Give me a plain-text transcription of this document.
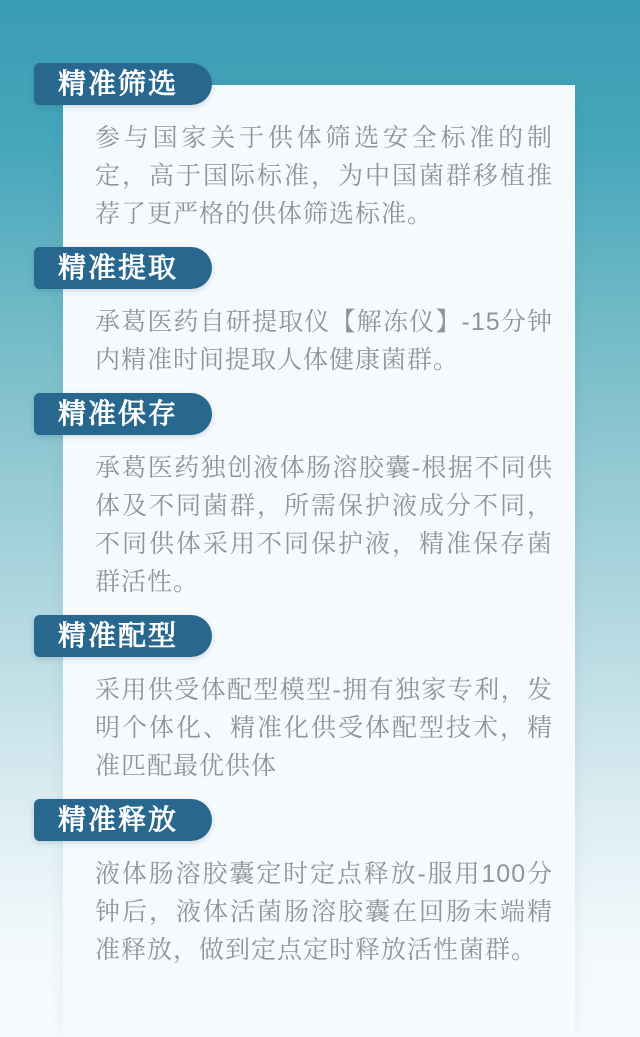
精准筛选

参与国家关于供体筛选安全标准的制定，高于国际标准，为中国菌群移植推荐了更严格的供体筛选标准。

精准提取

承葛医药自研提取仪【解冻仪】-15分钟内精准时间提取人体健康菌群。

精准保存

承葛医药独创液体肠溶胶囊-根据不同供体及不同菌群，所需保护液成分不同，不同供体采用不同保护液，精准保存菌群活性。

精准配型

采用供受体配型模型-拥有独家专利，发明个体化、精准化供受体配型技术，精准匹配最优供体

精准释放

液体肠溶胶囊定时定点释放-服用100分钟后，液体活菌肠溶胶囊在回肠末端精准释放，做到定点定时释放活性菌群。
